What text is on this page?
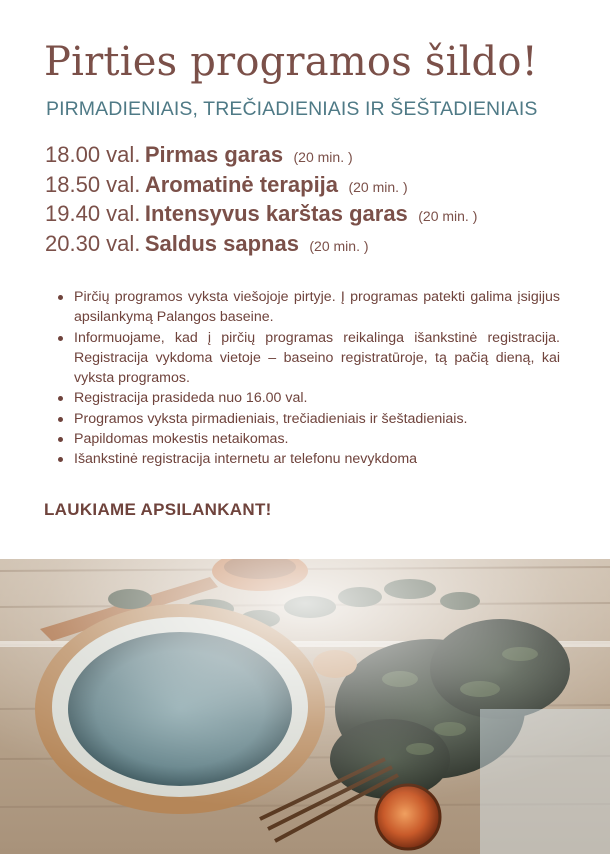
Pirties programos šildo!
PIRMADIENIAIS, TREČIADIENIAIS IR ŠEŠTADIENIAIS
18.00 val. Pirmas garas (20 min. )
18.50 val. Aromatinė terapija (20 min. )
19.40 val. Intensyvus karštas garas (20 min. )
20.30 val. Saldus sapnas (20 min. )
Pirčių programos vyksta viešojoje pirtyje. Į programas patekti galima įsigijus apsilankymą Palangos baseine.
Informuojame, kad į pirčių programas reikalinga išankstinė registracija. Registracija vykdoma vietoje – baseino registratūroje, tą pačią dieną, kai vyksta programos.
Registracija prasideda nuo 16.00 val.
Programos vyksta pirmadieniais, trečiadieniais ir šeštadieniais.
Papildomas mokestis netaikomas.
Išankstinė registracija internetu ar telefonu nevykdoma
LAUKIAME APSILANKANT!
